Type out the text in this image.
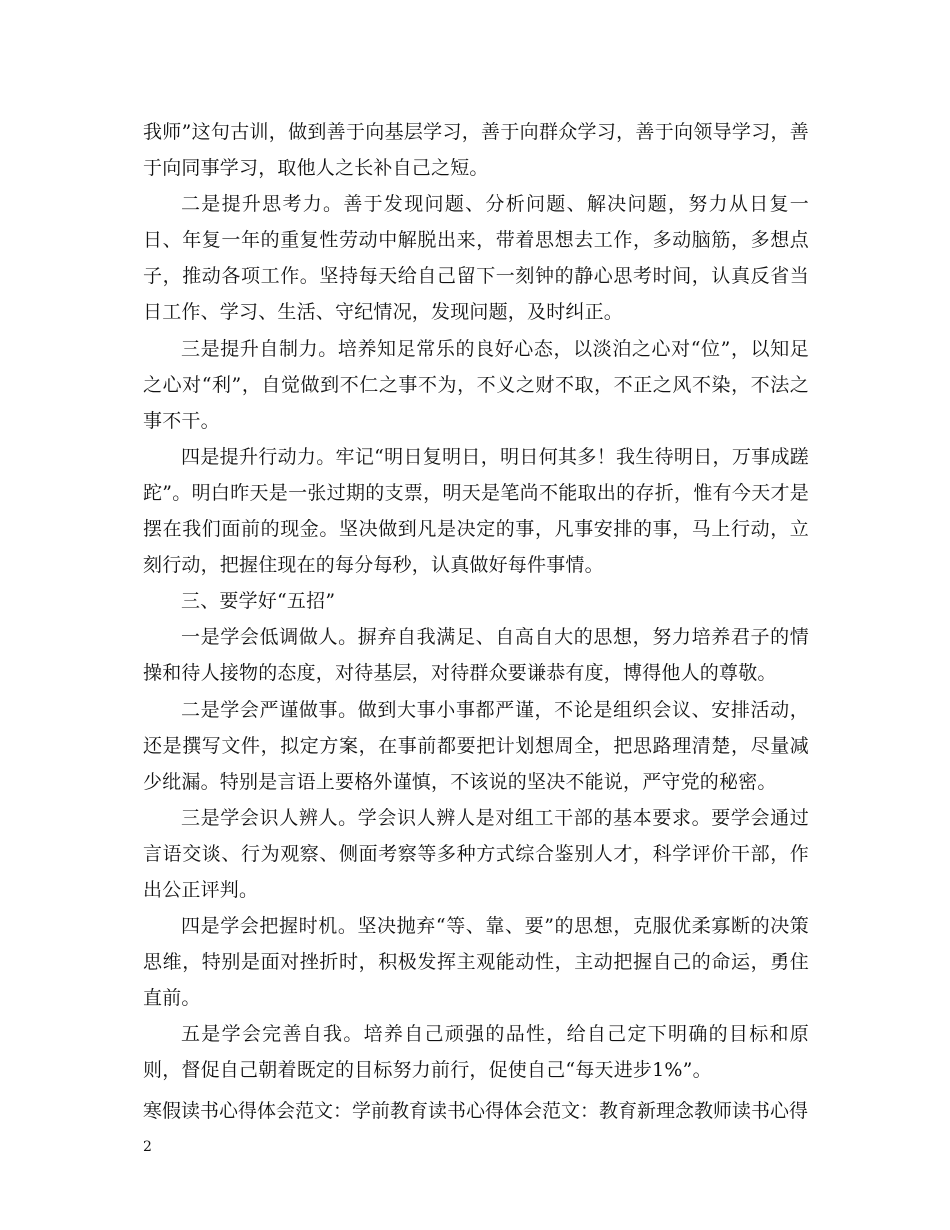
我师”这句古训，做到善于向基层学习，善于向群众学习，善于向领导学习，善于向同事学习，取他人之长补自己之短。

二是提升思考力。善于发现问题、分析问题、解决问题，努力从日复一日、年复一年的重复性劳动中解脱出来，带着思想去工作，多动脑筋，多想点子，推动各项工作。坚持每天给自己留下一刻钟的静心思考时间，认真反省当日工作、学习、生活、守纪情况，发现问题，及时纠正。

三是提升自制力。培养知足常乐的良好心态，以淡泊之心对“位”，以知足之心对“利”，自觉做到不仁之事不为，不义之财不取，不正之风不染，不法之事不干。

四是提升行动力。牢记“明日复明日，明日何其多！我生待明日，万事成蹉跎”。明白昨天是一张过期的支票，明天是笔尚不能取出的存折，惟有今天才是摆在我们面前的现金。坚决做到凡是决定的事，凡事安排的事，马上行动，立刻行动，把握住现在的每分每秒，认真做好每件事情。

三、要学好“五招”

一是学会低调做人。摒弃自我满足、自高自大的思想，努力培养君子的情操和待人接物的态度，对待基层，对待群众要谦恭有度，博得他人的尊敬。

二是学会严谨做事。做到大事小事都严谨，不论是组织会议、安排活动，还是撰写文件，拟定方案，在事前都要把计划想周全，把思路理清楚，尽量减少纰漏。特别是言语上要格外谨慎，不该说的坚决不能说，严守党的秘密。

三是学会识人辨人。学会识人辨人是对组工干部的基本要求。要学会通过言语交谈、行为观察、侧面考察等多种方式综合鉴别人才，科学评价干部，作出公正评判。

四是学会把握时机。坚决抛弃“等、靠、要”的思想，克服优柔寡断的决策思维，特别是面对挫折时，积极发挥主观能动性，主动把握自己的命运，勇住直前。

五是学会完善自我。培养自己顽强的品性，给自己定下明确的目标和原则，督促自己朝着既定的目标努力前行，促使自己“每天进步1%”。

寒假读书心得体会范文：学前教育读书心得体会范文：教育新理念教师读书心得
2
